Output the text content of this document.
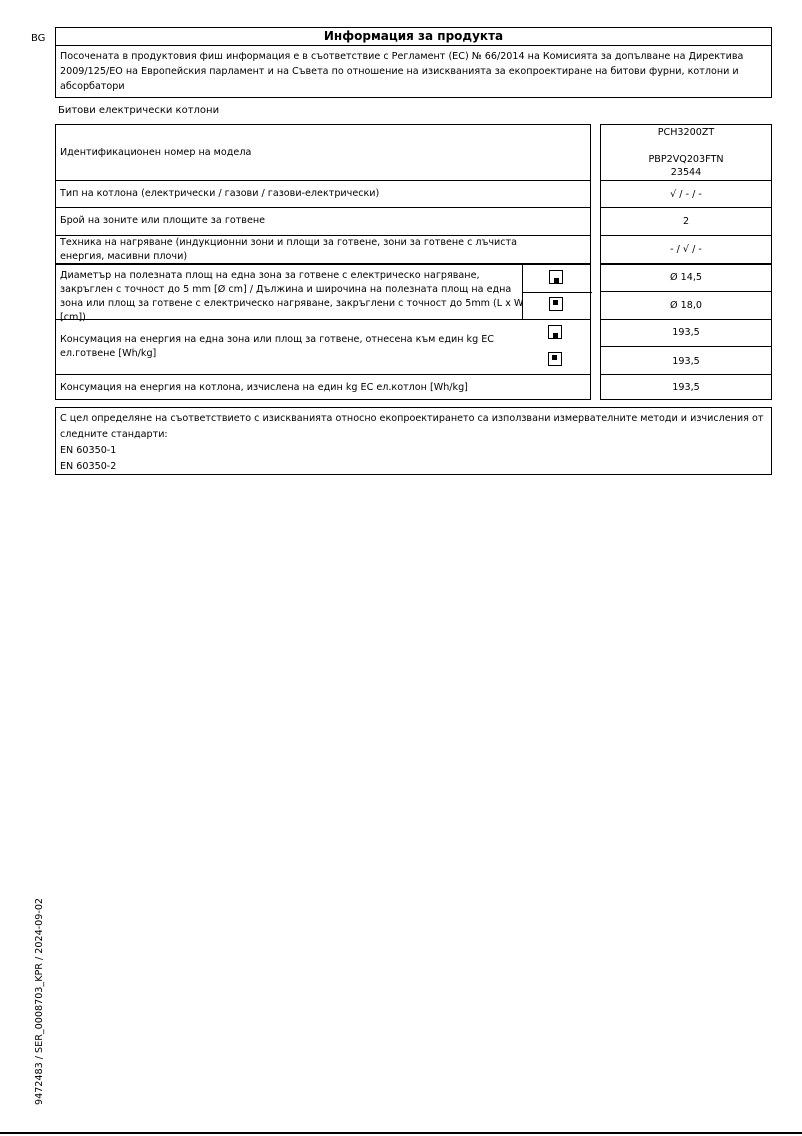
BG	Информация за продукта
Посочената в продуктовия фиш информация е в съответствие с Регламент (ЕС) № 66/2014 на Комисията за допълване на Директива 2009/125/ЕО на Европейския парламент и на Съвета по отношение на изискванията за екопроектиране на битови фурни, котлони и абсорбатори
Битови електрически котлони
Идентификационен номер на модела
Тип на котлона (електрически / газови / газови-електрически)
Брой на зоните или площите за готвене
Техника на нагряване (индукционни зони и площи за готвене, зони за готвене с лъчиста енергия, масивни плочи)
Диаметър на полезната площ на една зона за готвене с електрическо нагряване, закръглен с точност до 5 mm [Ø cm] / Дължина и широчина на полезната площ на една зона или площ за готвене с електрическо нагряване, закръглени с точност до 5mm (L x W [cm])
Консумация на енергия на една зона или площ за готвене, отнесена към един kg ЕС ел.готвене [Wh/kg]
Консумация на енергия на котлона, изчислена на един kg ЕС ел.котлон [Wh/kg]
PCH3200ZT
PBP2VQ203FTN
23544
√ / - / -
2
- / √ / -
Ø 14,5
Ø 18,0
193,5
193,5
193,5
С цел определяне на съответствието с изискванията относно екопроектирането са използвани измервателните методи и изчисления от следните стандарти:
EN 60350-1
EN 60350-2
9472483 / SER_0008703_KPR / 2024-09-02
